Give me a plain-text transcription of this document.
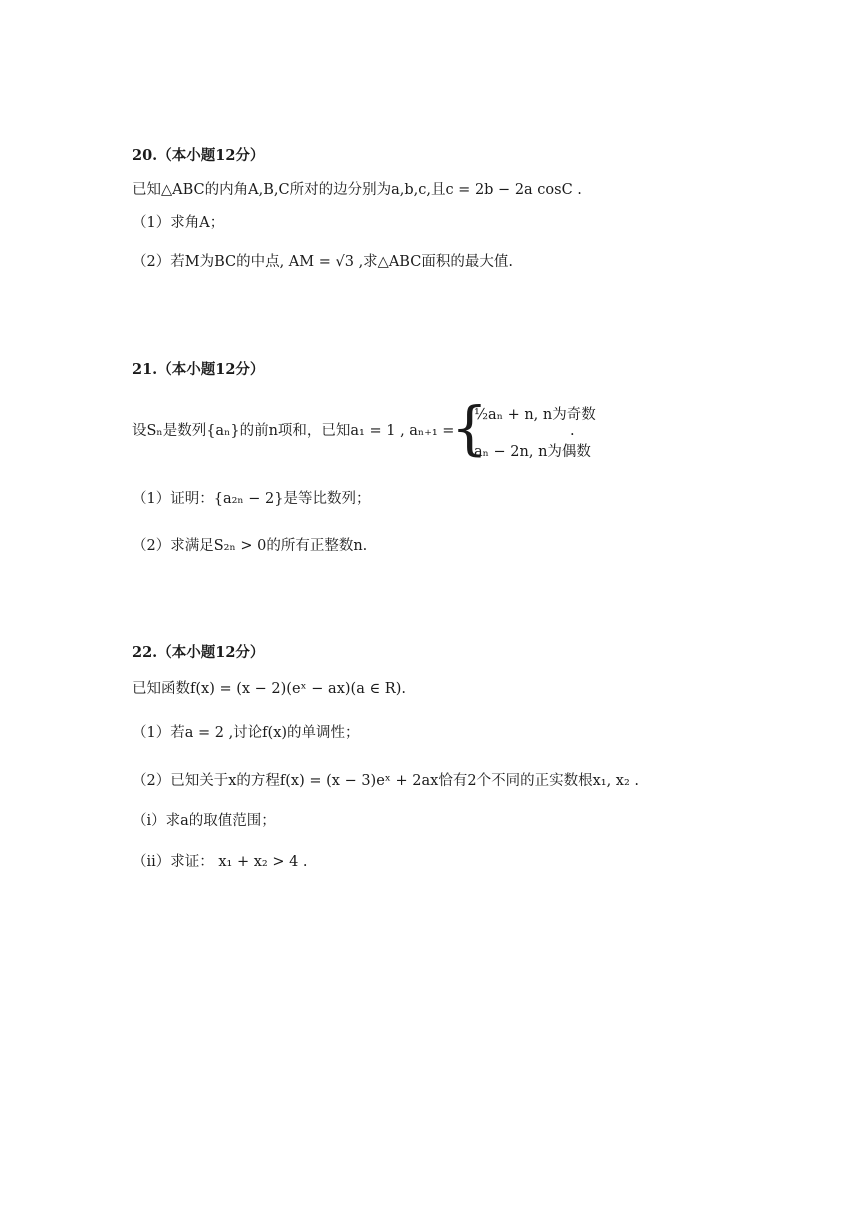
20.（本小题12分）
已知△ABC的内角A,B,C所对的边分别为a,b,c,且c = 2b − 2a cosC .
（1）求角A；
（2）若M为BC的中点, AM = √3 ,求△ABC面积的最大值.
21.（本小题12分）
设Sₙ是数列{aₙ}的前n项和，已知a₁ = 1 , aₙ₊₁ =
{
½aₙ + n, n为奇数
aₙ − 2n, n为偶数
.
（1）证明：{a₂ₙ − 2}是等比数列；
（2）求满足S₂ₙ > 0的所有正整数n.
22.（本小题12分）
已知函数f(x) = (x − 2)(eˣ − ax)(a ∈ R).
（1）若a = 2 ,讨论f(x)的单调性；
（2）已知关于x的方程f(x) = (x − 3)eˣ + 2ax恰有2个不同的正实数根x₁, x₂ .
（i）求a的取值范围；
（ii）求证： x₁ + x₂ > 4 .
